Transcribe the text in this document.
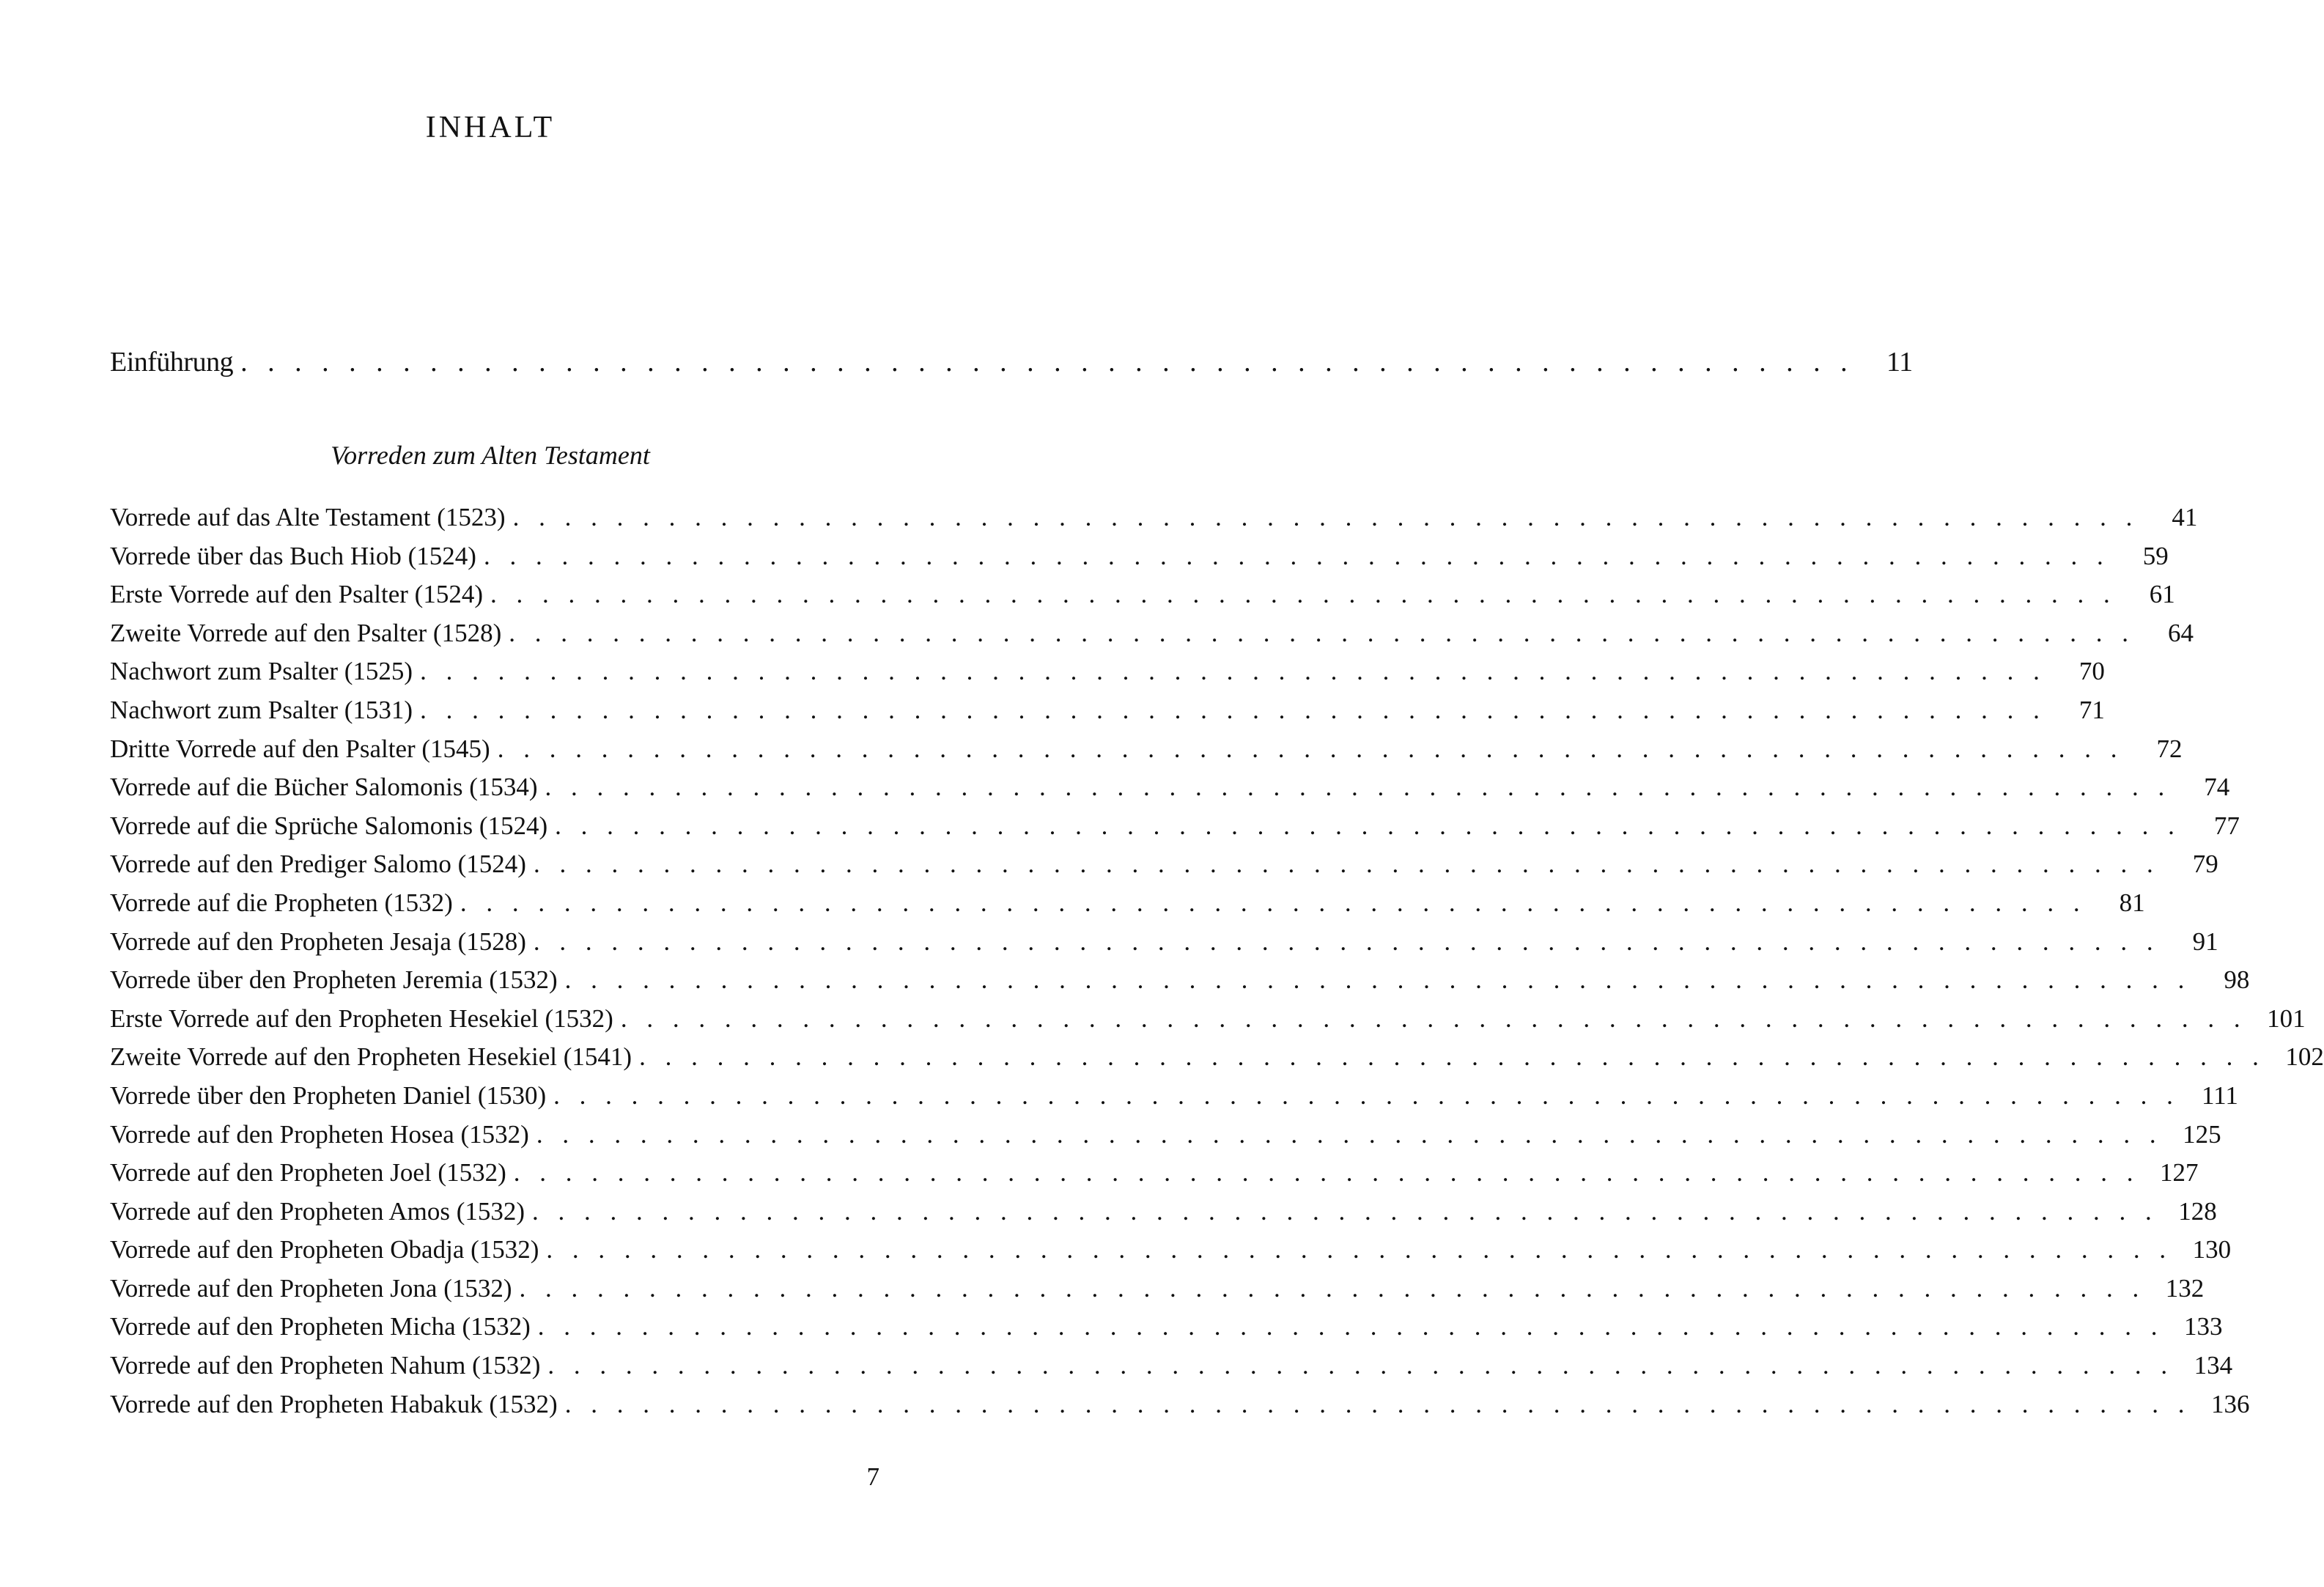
INHALT
Einführung . . . . . . . . . . . . . . . . . . . . . . . . . . . . . . . . . . . . . . . . . . . . . . . . . . . . . . . . . . . .	11
Vorreden zum Alten Testament
Vorrede auf das Alte Testament (1523) . . . . . . . . . . . . . . . . . . . . . . . . . . . . . . . . . . . . . . . . . . . . . . . . . . . . . . . . . . . . . . .	41
Vorrede über das Buch Hiob (1524) . . . . . . . . . . . . . . . . . . . . . . . . . . . . . . . . . . . . . . . . . . . . . . . . . . . . . . . . . . . . . . .	59
Erste Vorrede auf den Psalter (1524) . . . . . . . . . . . . . . . . . . . . . . . . . . . . . . . . . . . . . . . . . . . . . . . . . . . . . . . . . . . . . . .	61
Zweite Vorrede auf den Psalter (1528) . . . . . . . . . . . . . . . . . . . . . . . . . . . . . . . . . . . . . . . . . . . . . . . . . . . . . . . . . . . . . . .	64
Nachwort zum Psalter (1525) . . . . . . . . . . . . . . . . . . . . . . . . . . . . . . . . . . . . . . . . . . . . . . . . . . . . . . . . . . . . . . .	70
Nachwort zum Psalter (1531) . . . . . . . . . . . . . . . . . . . . . . . . . . . . . . . . . . . . . . . . . . . . . . . . . . . . . . . . . . . . . . .	71
Dritte Vorrede auf den Psalter (1545) . . . . . . . . . . . . . . . . . . . . . . . . . . . . . . . . . . . . . . . . . . . . . . . . . . . . . . . . . . . . . . .	72
Vorrede auf die Bücher Salomonis (1534) . . . . . . . . . . . . . . . . . . . . . . . . . . . . . . . . . . . . . . . . . . . . . . . . . . . . . . . . . . . . . . .	74
Vorrede auf die Sprüche Salomonis (1524) . . . . . . . . . . . . . . . . . . . . . . . . . . . . . . . . . . . . . . . . . . . . . . . . . . . . . . . . . . . . . . .	77
Vorrede auf den Prediger Salomo (1524) . . . . . . . . . . . . . . . . . . . . . . . . . . . . . . . . . . . . . . . . . . . . . . . . . . . . . . . . . . . . . . .	79
Vorrede auf die Propheten (1532) . . . . . . . . . . . . . . . . . . . . . . . . . . . . . . . . . . . . . . . . . . . . . . . . . . . . . . . . . . . . . . .	81
Vorrede auf den Propheten Jesaja (1528) . . . . . . . . . . . . . . . . . . . . . . . . . . . . . . . . . . . . . . . . . . . . . . . . . . . . . . . . . . . . . . .	91
Vorrede über den Propheten Jeremia (1532) . . . . . . . . . . . . . . . . . . . . . . . . . . . . . . . . . . . . . . . . . . . . . . . . . . . . . . . . . . . . . . .	98
Erste Vorrede auf den Propheten Hesekiel (1532) . . . . . . . . . . . . . . . . . . . . . . . . . . . . . . . . . . . . . . . . . . . . . . . . . . . . . . . . . . . . . . . 101
Zweite Vorrede auf den Propheten Hesekiel (1541) . . . . . . . . . . . . . . . . . . . . . . . . . . . . . . . . . . . . . . . . . . . . . . . . . . . . . . . . . . . . . . . 102
Vorrede über den Propheten Daniel (1530) . . . . . . . . . . . . . . . . . . . . . . . . . . . . . . . . . . . . . . . . . . . . . . . . . . . . . . . . . . . . . . . 111
Vorrede auf den Propheten Hosea (1532) . . . . . . . . . . . . . . . . . . . . . . . . . . . . . . . . . . . . . . . . . . . . . . . . . . . . . . . . . . . . . . . 125
Vorrede auf den Propheten Joel (1532) . . . . . . . . . . . . . . . . . . . . . . . . . . . . . . . . . . . . . . . . . . . . . . . . . . . . . . . . . . . . . . . 127
Vorrede auf den Propheten Amos (1532) . . . . . . . . . . . . . . . . . . . . . . . . . . . . . . . . . . . . . . . . . . . . . . . . . . . . . . . . . . . . . . . 128
Vorrede auf den Propheten Obadja (1532) . . . . . . . . . . . . . . . . . . . . . . . . . . . . . . . . . . . . . . . . . . . . . . . . . . . . . . . . . . . . . . . 130
Vorrede auf den Propheten Jona (1532) . . . . . . . . . . . . . . . . . . . . . . . . . . . . . . . . . . . . . . . . . . . . . . . . . . . . . . . . . . . . . . . 132
Vorrede auf den Propheten Micha (1532) . . . . . . . . . . . . . . . . . . . . . . . . . . . . . . . . . . . . . . . . . . . . . . . . . . . . . . . . . . . . . . . 133
Vorrede auf den Propheten Nahum (1532) . . . . . . . . . . . . . . . . . . . . . . . . . . . . . . . . . . . . . . . . . . . . . . . . . . . . . . . . . . . . . . . 134
Vorrede auf den Propheten Habakuk (1532) . . . . . . . . . . . . . . . . . . . . . . . . . . . . . . . . . . . . . . . . . . . . . . . . . . . . . . . . . . . . . . . 136
7
